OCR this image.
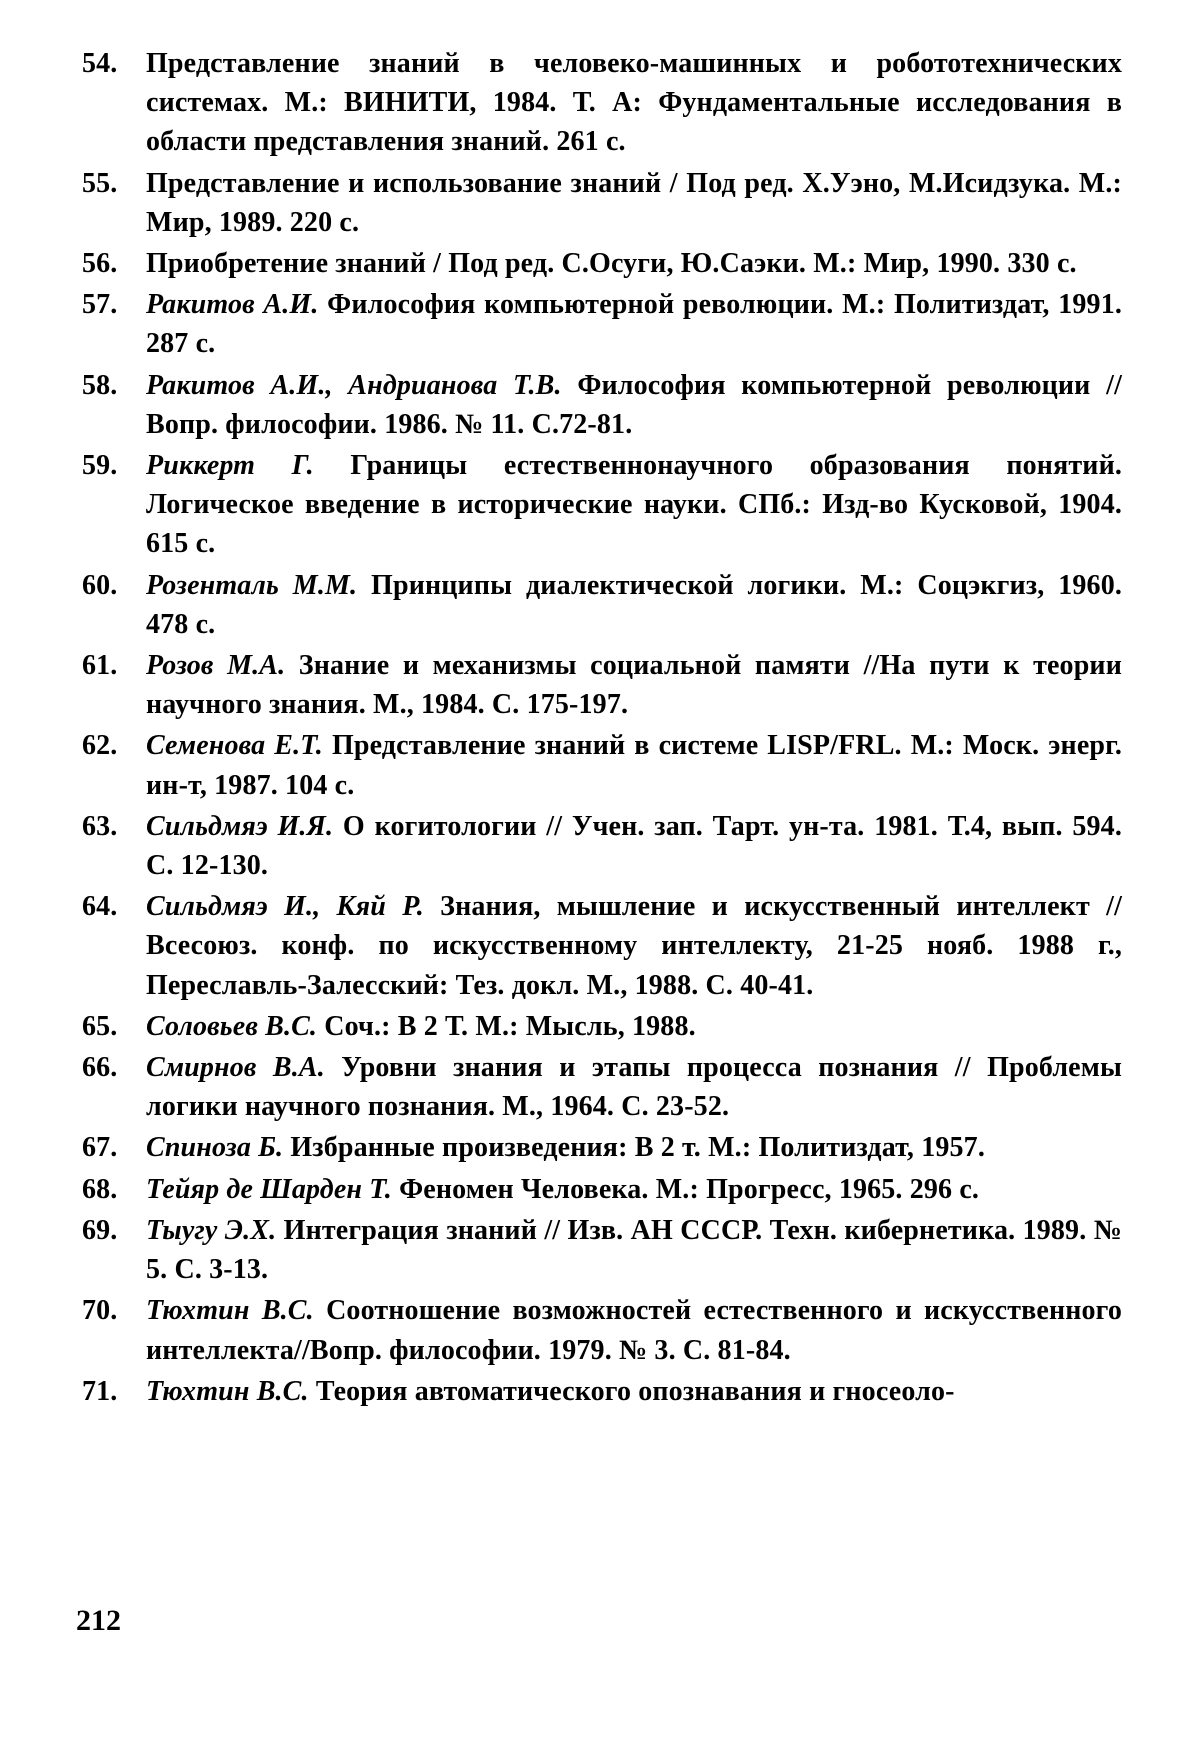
54.	Представление знаний в человеко-машинных и робототехнических системах. М.: ВИНИТИ, 1984. Т. А: Фундаментальные исследования в области представления знаний. 261 с.
55.	Представление и использование знаний / Под ред. Х.Уэно, М.Исидзука. М.: Мир, 1989. 220 с.
56.	Приобретение знаний / Под ред. С.Осуги, Ю.Саэки. М.: Мир, 1990. 330 с.
57.	Ракитов А.И. Философия компьютерной революции. М.: Политиздат, 1991. 287 с.
58.	Ракитов А.И., Андрианова Т.В. Философия компьютерной революции // Вопр. философии. 1986. № 11. С.72-81.
59.	Риккерт Г. Границы естественнонаучного образования понятий. Логическое введение в исторические науки. СПб.: Изд-во Кусковой, 1904. 615 с.
60.	Розенталь М.М. Принципы диалектической логики. М.: Соцэкгиз, 1960. 478 с.
61.	Розов М.А. Знание и механизмы социальной памяти //На пути к теории научного знания. М., 1984. С. 175-197.
62.	Семенова Е.Т. Представление знаний в системе LISP/FRL. М.: Моск. энерг. ин-т, 1987. 104 с.
63.	Сильдмяэ И.Я. О когитологии // Учен. зап. Тарт. ун-та. 1981. Т.4, вып. 594. С. 12-130.
64.	Сильдмяэ И., Кяй Р. Знания, мышление и искусственный интеллект // Всесоюз. конф. по искусственному интеллекту, 21-25 нояб. 1988 г., Переславль-Залесский: Тез. докл. М., 1988. С. 40-41.
65.	Соловьев В.С. Соч.: В 2 Т. М.: Мысль, 1988.
66.	Смирнов В.А. Уровни знания и этапы процесса познания // Проблемы логики научного познания. М., 1964. С. 23-52.
67.	Спиноза Б. Избранные произведения: В 2 т. М.: Политиздат, 1957.
68.	Тейяр де Шарден Т. Феномен Человека. М.: Прогресс, 1965. 296 с.
69.	Тыугу Э.Х. Интеграция знаний // Изв. АН СССР. Техн. кибернетика. 1989. № 5. С. 3-13.
70.	Тюхтин В.С. Соотношение возможностей естественного и искусственного интеллекта//Вопр. философии. 1979. № 3. С. 81-84.
71.	Тюхтин В.С. Теория автоматического опознавания и гносеоло-
212
